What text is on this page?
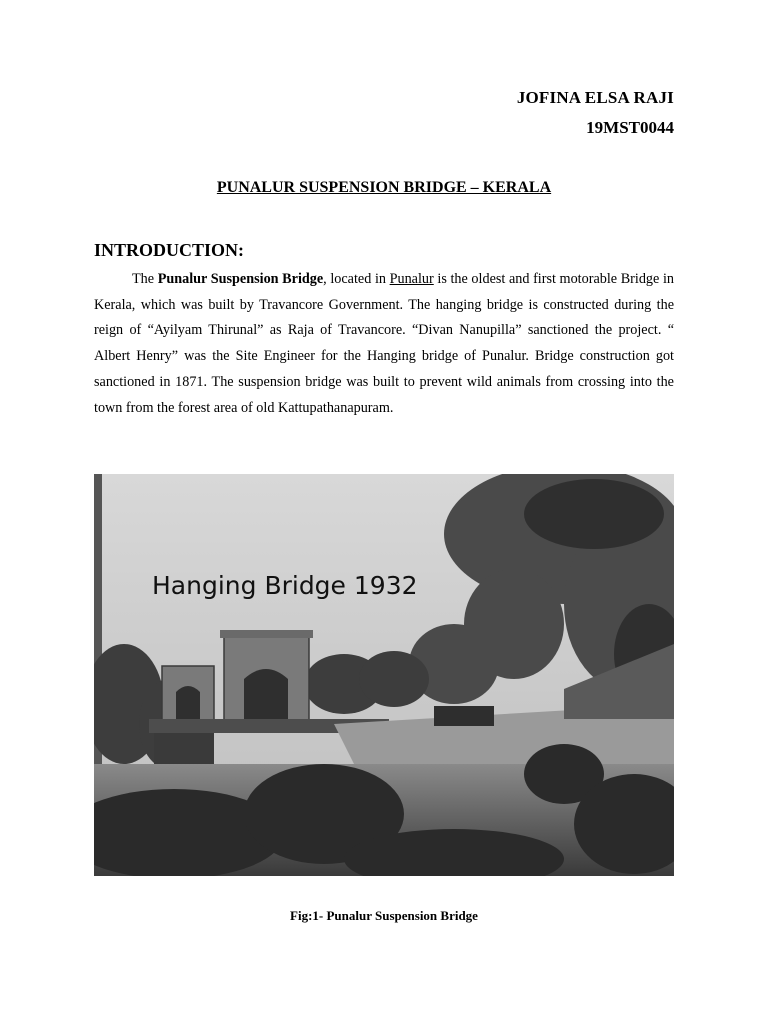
JOFINA ELSA RAJI
19MST0044
PUNALUR SUSPENSION BRIDGE – KERALA
INTRODUCTION:

The Punalur Suspension Bridge, located in Punalur is the oldest and first motorable Bridge in Kerala, which was built by Travancore Government. The hanging bridge is constructed during the reign of “Ayilyam Thirunal” as Raja of Travancore. “Divan Nanupilla” sanctioned the project. “ Albert Henry” was the Site Engineer for the Hanging bridge of Punalur. Bridge construction got sanctioned in 1871. The suspension bridge was built to prevent wild animals from crossing into the town from the forest area of old Kattupathanapuram.

Hanging Bridge 1932
Fig:1- Punalur Suspension Bridge
